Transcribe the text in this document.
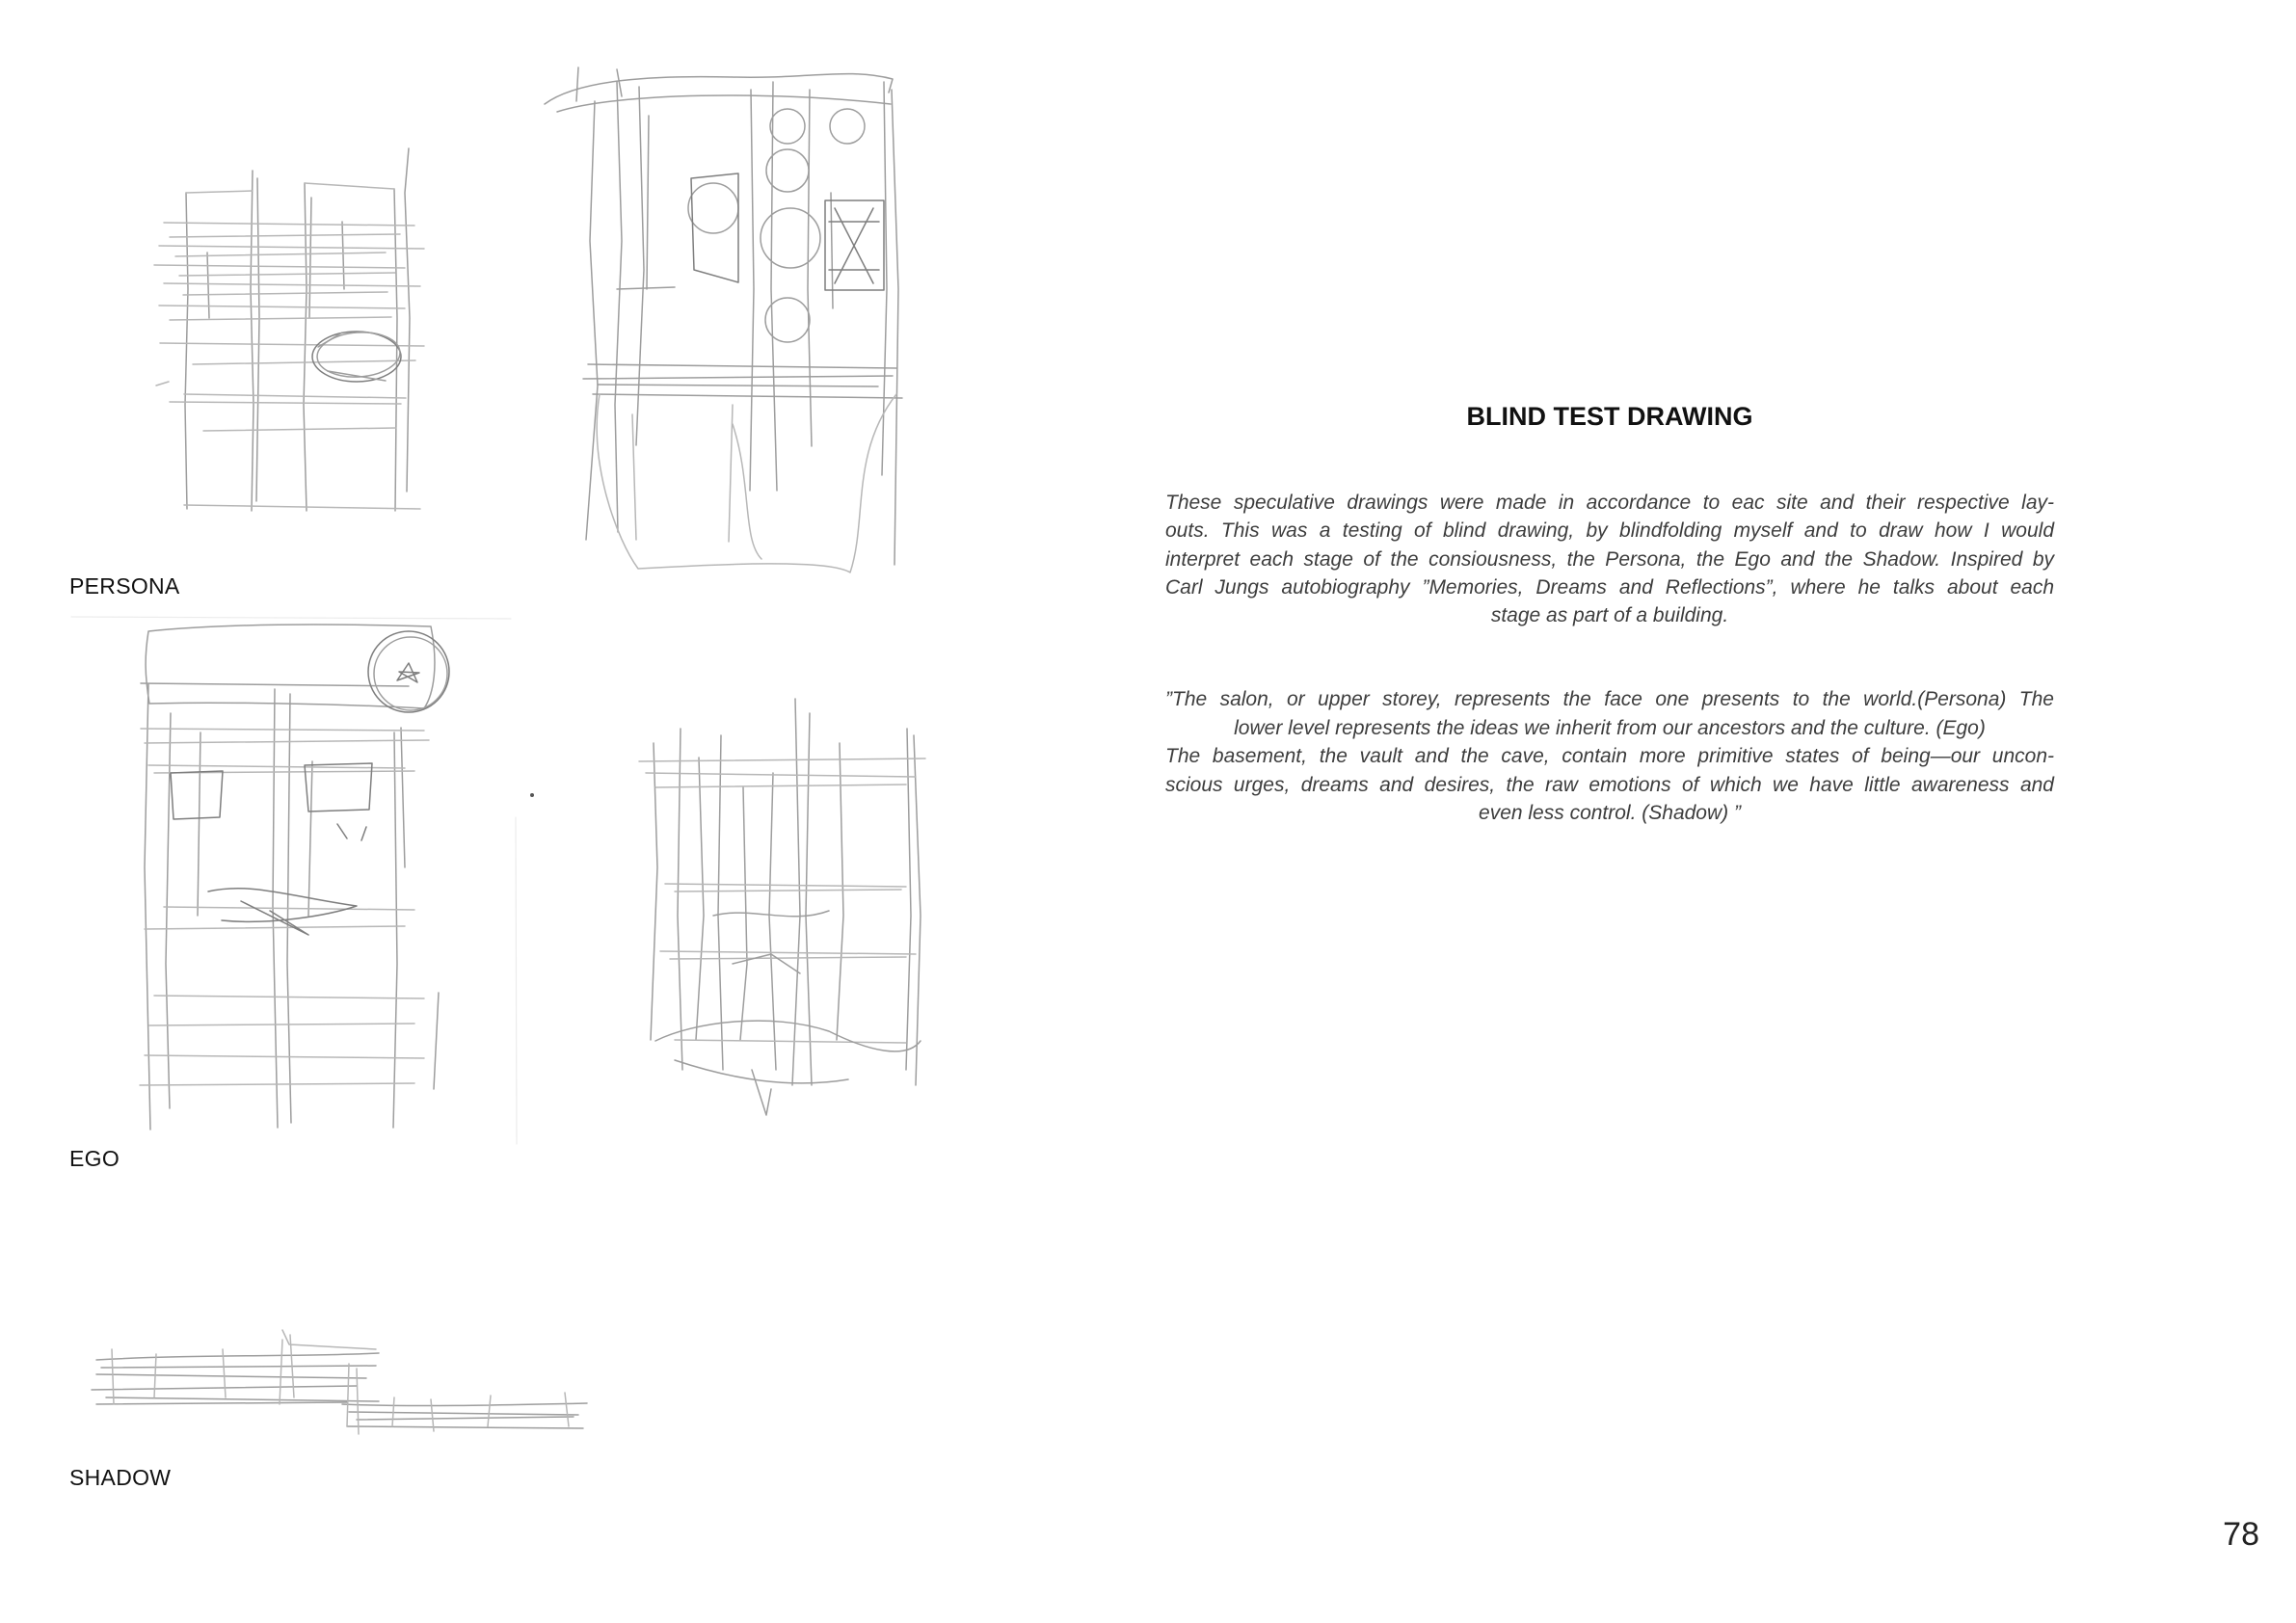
PERSONA
EGO
SHADOW
BLIND TEST DRAWING
These speculative drawings were made in accordance to eac site and their respective lay-
outs. This was a testing of blind drawing, by blindfolding myself and to draw how I would
interpret each stage of the consiousness, the Persona, the Ego and the Shadow. Inspired by
Carl Jungs autobiography ”Memories, Dreams and Reflections”, where he talks about each
stage as part of a building.
”The salon, or upper storey, represents the face one presents to the world.(Persona) The
lower level represents the ideas we inherit from our ancestors and the culture. (Ego)
The basement, the vault and the cave, contain more primitive states of being—our uncon-
scious urges, dreams and desires, the raw emotions of which we have little awareness and
even less control. (Shadow) ”
78
